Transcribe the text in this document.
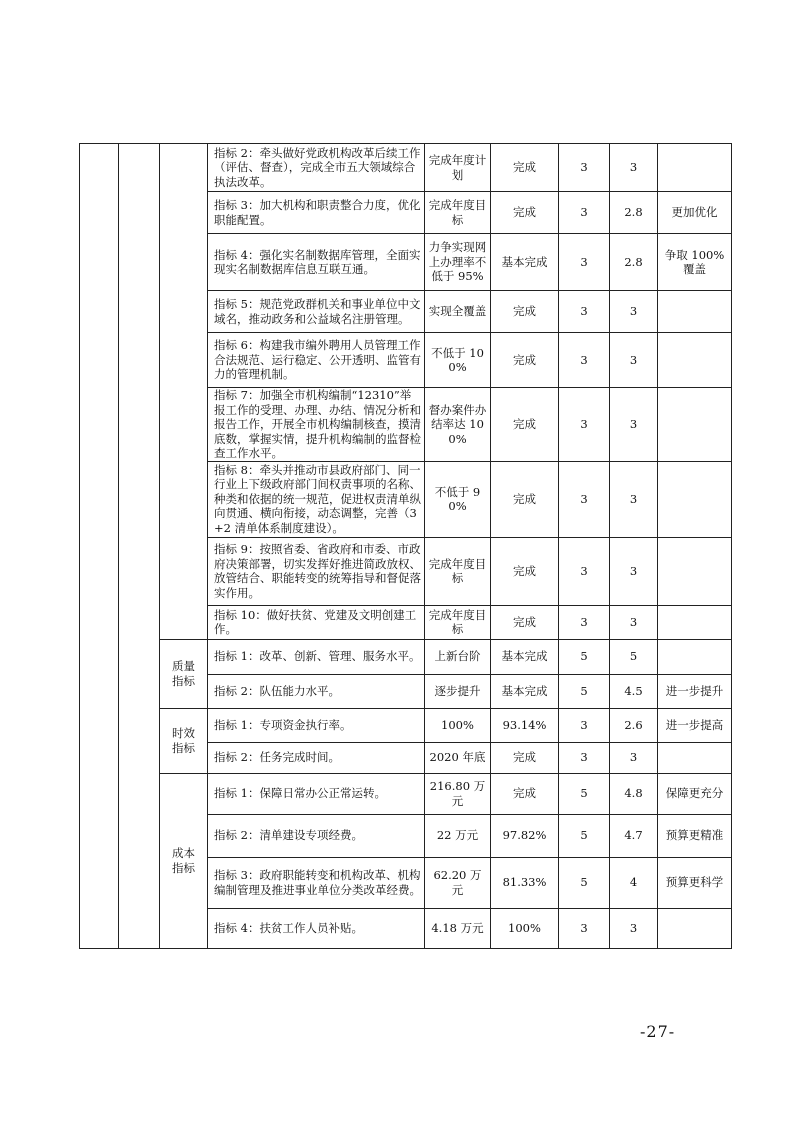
			指标 2：牵头做好党政机构改革后续工作（评估、督查），完成全市五大领域综合执法改革。	完成年度计划	完成	3	3	
			指标 3：加大机构和职责整合力度，优化职能配置。	完成年度目标	完成	3	2.8	更加优化
			指标 4：强化实名制数据库管理，全面实现实名制数据库信息互联互通。	力争实现网上办理率不低于 95%	基本完成	3	2.8	争取 100%覆盖
			指标 5：规范党政群机关和事业单位中文域名，推动政务和公益域名注册管理。	实现全覆盖	完成	3	3	
			指标 6：构建我市编外聘用人员管理工作合法规范、运行稳定、公开透明、监管有力的管理机制。	不低于 100%	完成	3	3	
			指标 7：加强全市机构编制“12310”举报工作的受理、办理、办结、情况分析和报告工作，开展全市机构编制核查，摸清底数，掌握实情，提升机构编制的监督检查工作水平。	督办案件办结率达 100%	完成	3	3	
			指标 8：牵头并推动市县政府部门、同一行业上下级政府部门间权责事项的名称、种类和依据的统一规范，促进权责清单纵向贯通、横向衔接，动态调整，完善（3+2 清单体系制度建设）。	不低于 90%	完成	3	3	
			指标 9：按照省委、省政府和市委、市政府决策部署，切实发挥好推进简政放权、放管结合、职能转变的统筹指导和督促落实作用。	完成年度目标	完成	3	3	
			指标 10：做好扶贫、党建及文明创建工作。	完成年度目标	完成	3	3	
		质量指标	指标 1：改革、创新、管理、服务水平。	上新台阶	基本完成	5	5	
			指标 2：队伍能力水平。	逐步提升	基本完成	5	4.5	进一步提升
		时效指标	指标 1：专项资金执行率。	100%	93.14%	3	2.6	进一步提高
			指标 2：任务完成时间。	2020 年底	完成	3	3	
		成本指标	指标 1：保障日常办公正常运转。	216.80 万元	完成	5	4.8	保障更充分
			指标 2：清单建设专项经费。	22 万元	97.82%	5	4.7	预算更精准
			指标 3：政府职能转变和机构改革、机构编制管理及推进事业单位分类改革经费。	62.20 万元	81.33%	5	4	预算更科学
			指标 4：扶贫工作人员补贴。	4.18 万元	100%	3	3	
-27-
